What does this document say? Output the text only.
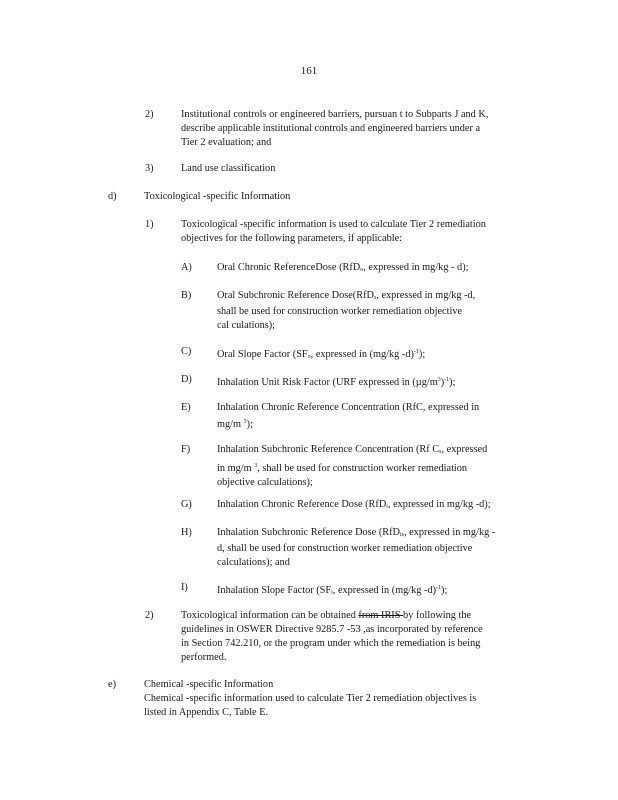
161
2)	Institutional controls or engineered barriers, pursuan t to Subparts J and K,
describe applicable institutional controls and engineered barriers under a
Tier 2 evaluation; and
3)	Land use classification
d)	Toxicological -specific Information
1)	Toxicological -specific information is used to calculate Tier 2 remediation
objectives for the following parameters, if applicable:
A) Oral Chronic ReferenceDose (RfDo, expressed in mg/kg - d);
B) Oral Subchronic Reference Dose(RfDs, expressed in mg/kg -d,
shall be used for construction worker remediation objective
cal culations);
C) Oral Slope Factor (SFo, expressed in (mg/kg -d)$^{-1}$);
D) Inhalation Unit Risk Factor (URF expressed in $(\mu g/m^3)^{-1}$);
E)	Inhalation Chronic Reference Concentration (RfC, expressed in
mg/m $^3$);
F)	Inhalation Subchronic Reference Concentration (Rf Cs, expressed
in mg/m $^3$, shall be used for construction worker remediation
objective calculations);
G) Inhalation Chronic Reference Dose (RfDi, expressed in mg/kg -d);
H) Inhalation Subchronic Reference Dose (RfDis, expressed in mg/kg -
d, shall be used for construction worker remediation objective
calculations); and
I)	Inhalation Slope Factor (SFi, expressed in (mg/kg -d)$^{-1}$);
2)	Toxicological information can be obtained from IRIS by following the
guidelines in OSWER Directive 9285.7 -53 ,as incorporated by reference
in Section 742.210, or the program under which the remediation is being
performed.
e)	Chemical -specific Information
Chemical -specific information used to calculate Tier 2 remediation objectives is
listed in Appendix C, Table E.
